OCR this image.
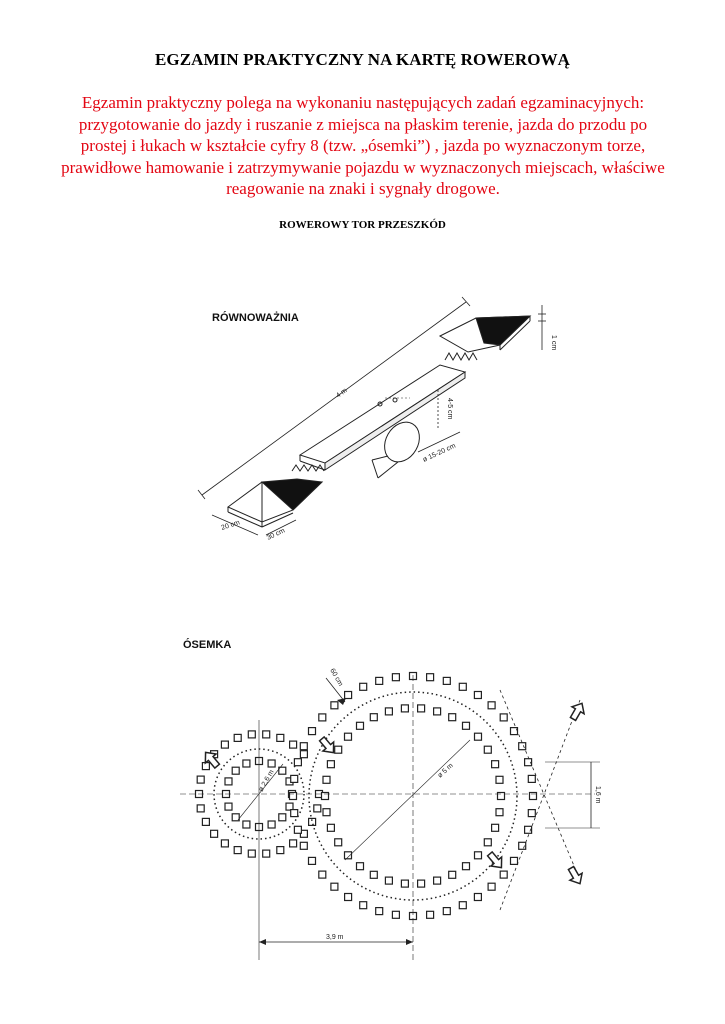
EGZAMIN PRAKTYCZNY NA KARTĘ ROWEROWĄ
Egzamin praktyczny polega na wykonaniu następujących zadań egzaminacyjnych: przygotowanie do jazdy i ruszanie z miejsca na płaskim terenie, jazda do przodu po prostej i łukach w kształcie cyfry 8 (tzw. „ósemki”) , jazda po wyznaczonym torze, prawidłowe hamowanie i zatrzymywanie pojazdu w wyznaczonych miejscach, właściwe reagowanie na znaki i sygnały drogowe.
ROWEROWY TOR PRZESZKÓD
RÓWNOWAŻNIA
4 m
1 cm
4-5 cm
ø 15-20 cm
20 cm
30 cm
ÓSEMKA
ø 2,6 m	ø 5 m
60 cm
1,6 m
3,9 m
